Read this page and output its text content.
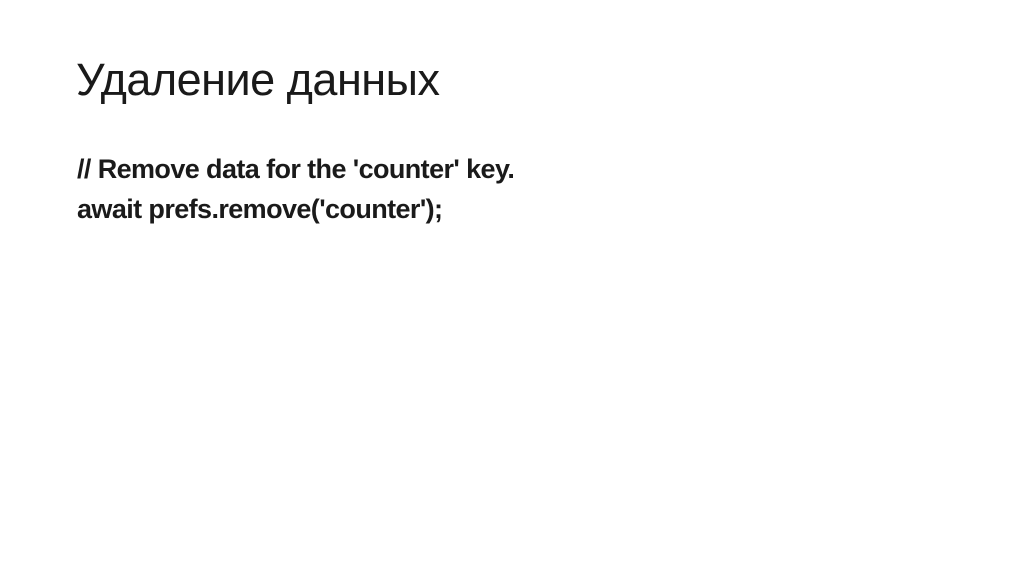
Удаление данных
// Remove data for the 'counter' key.
await prefs.remove('counter');
